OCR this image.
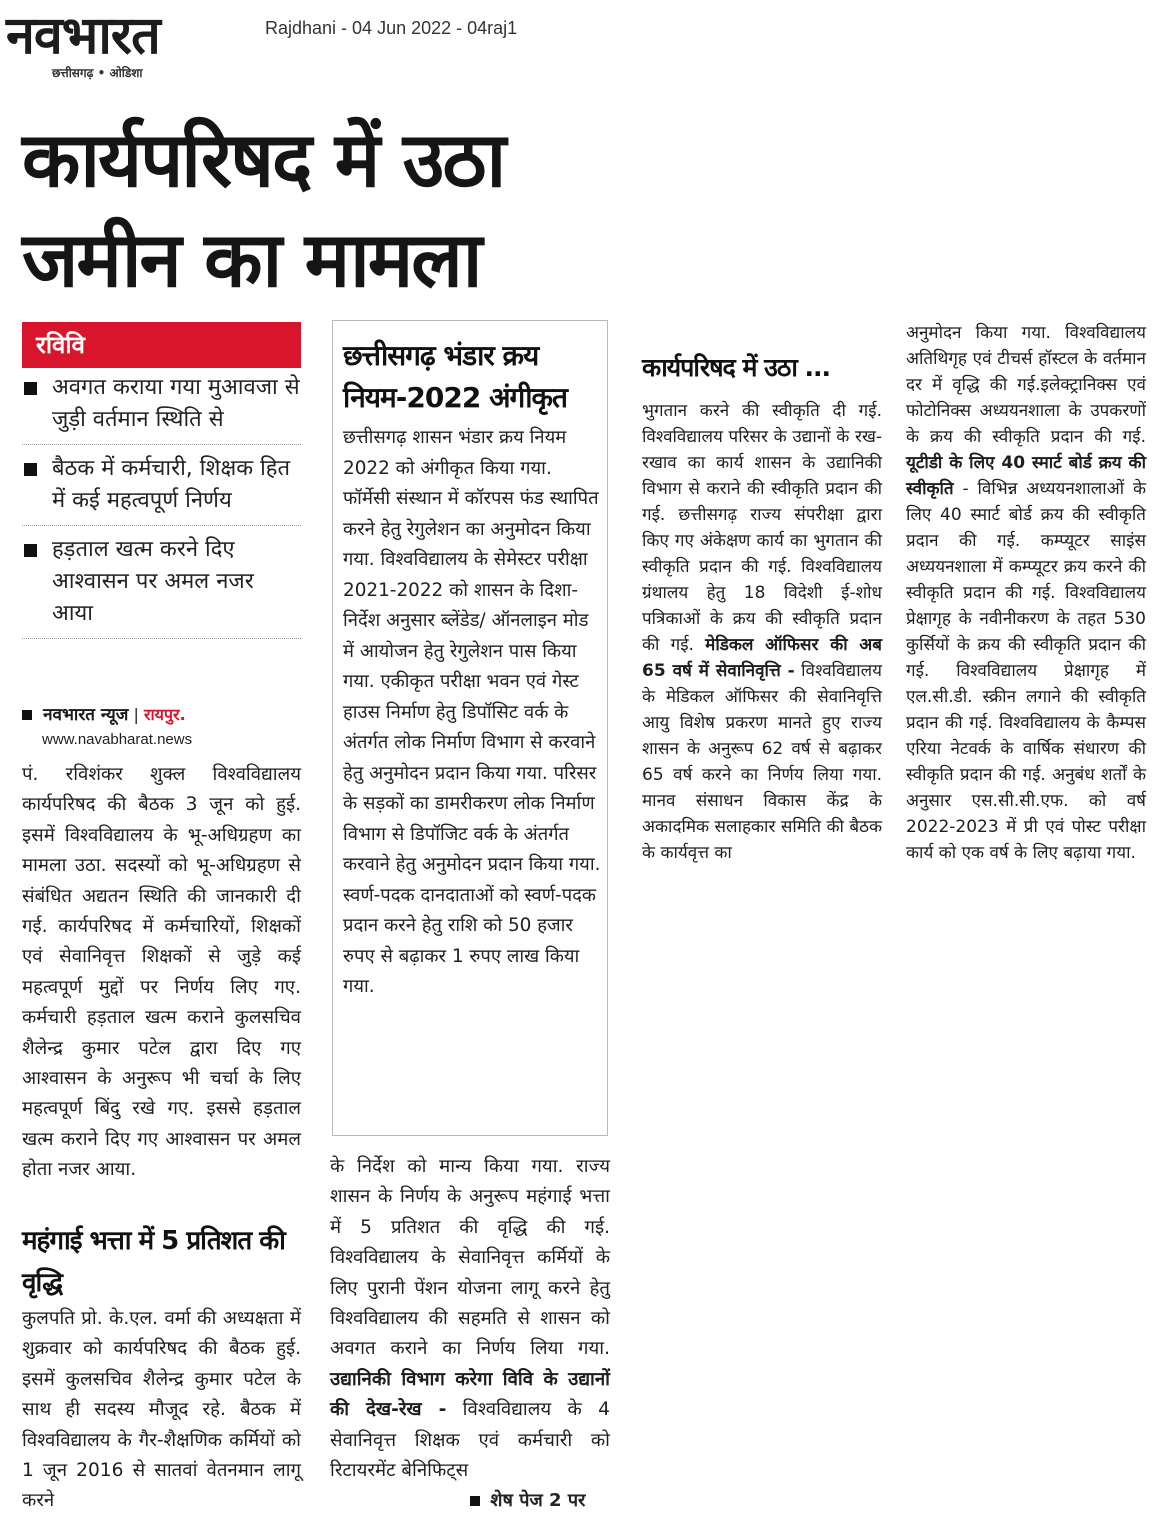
नवभारत
छत्तीसगढ़ • ओडिशा
Rajdhani - 04 Jun 2022 - 04raj1
कार्यपरिषद में उठा
जमीन का मामला
रविवि
अवगत कराया गया मुआवजा से जुड़ी वर्तमान स्थिति से
बैठक में कर्मचारी, शिक्षक हित में कई महत्वपूर्ण निर्णय
हड़ताल खत्म करने दिए आश्वासन पर अमल नजर आया
नवभारत न्यूज | रायपुर.
www.navabharat.news
पं. रविशंकर शुक्ल विश्वविद्यालय कार्यपरिषद की बैठक 3 जून को हुई. इसमें विश्वविद्यालय के भू-अधिग्रहण का मामला उठा. सदस्यों को भू-अधिग्रहण से संबंधित अद्यतन स्थिति की जानकारी दी गई. कार्यपरिषद में कर्मचारियों, शिक्षकों एवं सेवानिवृत्त शिक्षकों से जुड़े कई महत्वपूर्ण मुद्दों पर निर्णय लिए गए. कर्मचारी हड़ताल खत्म कराने कुलसचिव शैलेन्द्र कुमार पटेल द्वारा दिए गए आश्वासन के अनुरूप भी चर्चा के लिए महत्वपूर्ण बिंदु रखे गए. इससे हड़ताल खत्म कराने दिए गए आश्वासन पर अमल होता नजर आया.
महंगाई भत्ता में 5 प्रतिशत की वृद्धि
कुलपति प्रो. के.एल. वर्मा की अध्यक्षता में शुक्रवार को कार्यपरिषद की बैठक हुई. इसमें कुलसचिव शैलेन्द्र कुमार पटेल के साथ ही सदस्य मौजूद रहे. बैठक में विश्वविद्यालय के गैर-शैक्षणिक कर्मियों को 1 जून 2016 से सातवां वेतनमान लागू करने
छत्तीसगढ़ भंडार क्रय नियम-2022 अंगीकृत
छत्तीसगढ़ शासन भंडार क्रय नियम 2022 को अंगीकृत किया गया. फॉर्मेसी संस्थान में कॉरपस फंड स्थापित करने हेतु रेगुलेशन का अनुमोदन किया गया. विश्वविद्यालय के सेमेस्टर परीक्षा 2021-2022 को शासन के दिशा-निर्देश अनुसार ब्लेंडेड/ ऑनलाइन मोड में आयोजन हेतु रेगुलेशन पास किया गया. एकीकृत परीक्षा भवन एवं गेस्ट हाउस निर्माण हेतु डिपॉसिट वर्क के अंतर्गत लोक निर्माण विभाग से करवाने हेतु अनुमोदन प्रदान किया गया. परिसर के सड़कों का डामरीकरण लोक निर्माण विभाग से डिपॉजिट वर्क के अंतर्गत करवाने हेतु अनुमोदन प्रदान किया गया. स्वर्ण-पदक दानदाताओं को स्वर्ण-पदक प्रदान करने हेतु राशि को 50 हजार रुपए से बढ़ाकर 1 रुपए लाख किया गया.
के निर्देश को मान्य किया गया. राज्य शासन के निर्णय के अनुरूप महंगाई भत्ता में 5 प्रतिशत की वृद्धि की गई. विश्वविद्यालय के सेवानिवृत्त कर्मियों के लिए पुरानी पेंशन योजना लागू करने हेतु विश्वविद्यालय की सहमति से शासन को अवगत कराने का निर्णय लिया गया. उद्यानिकी विभाग करेगा विवि के उद्यानों की देख-रेख - विश्वविद्यालय के 4 सेवानिवृत्त शिक्षक एवं कर्मचारी को रिटायरमेंट बेनिफिट्स
शेष पेज 2 पर
कार्यपरिषद में उठा ...
भुगतान करने की स्वीकृति दी गई. विश्वविद्यालय परिसर के उद्यानों के रख-रखाव का कार्य शासन के उद्यानिकी विभाग से कराने की स्वीकृति प्रदान की गई. छत्तीसगढ़ राज्य संपरीक्षा द्वारा किए गए अंकेक्षण कार्य का भुगतान की स्वीकृति प्रदान की गई. विश्वविद्यालय ग्रंथालय हेतु 18 विदेशी ई-शोध पत्रिकाओं के क्रय की स्वीकृति प्रदान की गई. मेडिकल ऑफिसर की अब 65 वर्ष में सेवानिवृत्ति - विश्वविद्यालय के मेडिकल ऑफिसर की सेवानिवृत्ति आयु विशेष प्रकरण मानते हुए राज्य शासन के अनुरूप 62 वर्ष से बढ़ाकर 65 वर्ष करने का निर्णय लिया गया. मानव संसाधन विकास केंद्र के अकादमिक सलाहकार समिति की बैठक के कार्यवृत्त का
अनुमोदन किया गया. विश्वविद्यालय अतिथिगृह एवं टीचर्स हॉस्टल के वर्तमान दर में वृद्धि की गई.इलेक्ट्रानिक्स एवं फोटोनिक्स अध्ययनशाला के उपकरणों के क्रय की स्वीकृति प्रदान की गई. यूटीडी के लिए 40 स्मार्ट बोर्ड क्रय की स्वीकृति - विभिन्न अध्ययनशालाओं के लिए 40 स्मार्ट बोर्ड क्रय की स्वीकृति प्रदान की गई. कम्प्यूटर साइंस अध्ययनशाला में कम्प्यूटर क्रय करने की स्वीकृति प्रदान की गई. विश्वविद्यालय प्रेक्षागृह के नवीनीकरण के तहत 530 कुर्सियों के क्रय की स्वीकृति प्रदान की गई. विश्वविद्यालय प्रेक्षागृह में एल.सी.डी. स्क्रीन लगाने की स्वीकृति प्रदान की गई. विश्वविद्यालय के कैम्पस एरिया नेटवर्क के वार्षिक संधारण की स्वीकृति प्रदान की गई. अनुबंध शर्तों के अनुसार एस.सी.सी.एफ. को वर्ष 2022-2023 में प्री एवं पोस्ट परीक्षा कार्य को एक वर्ष के लिए बढ़ाया गया.
